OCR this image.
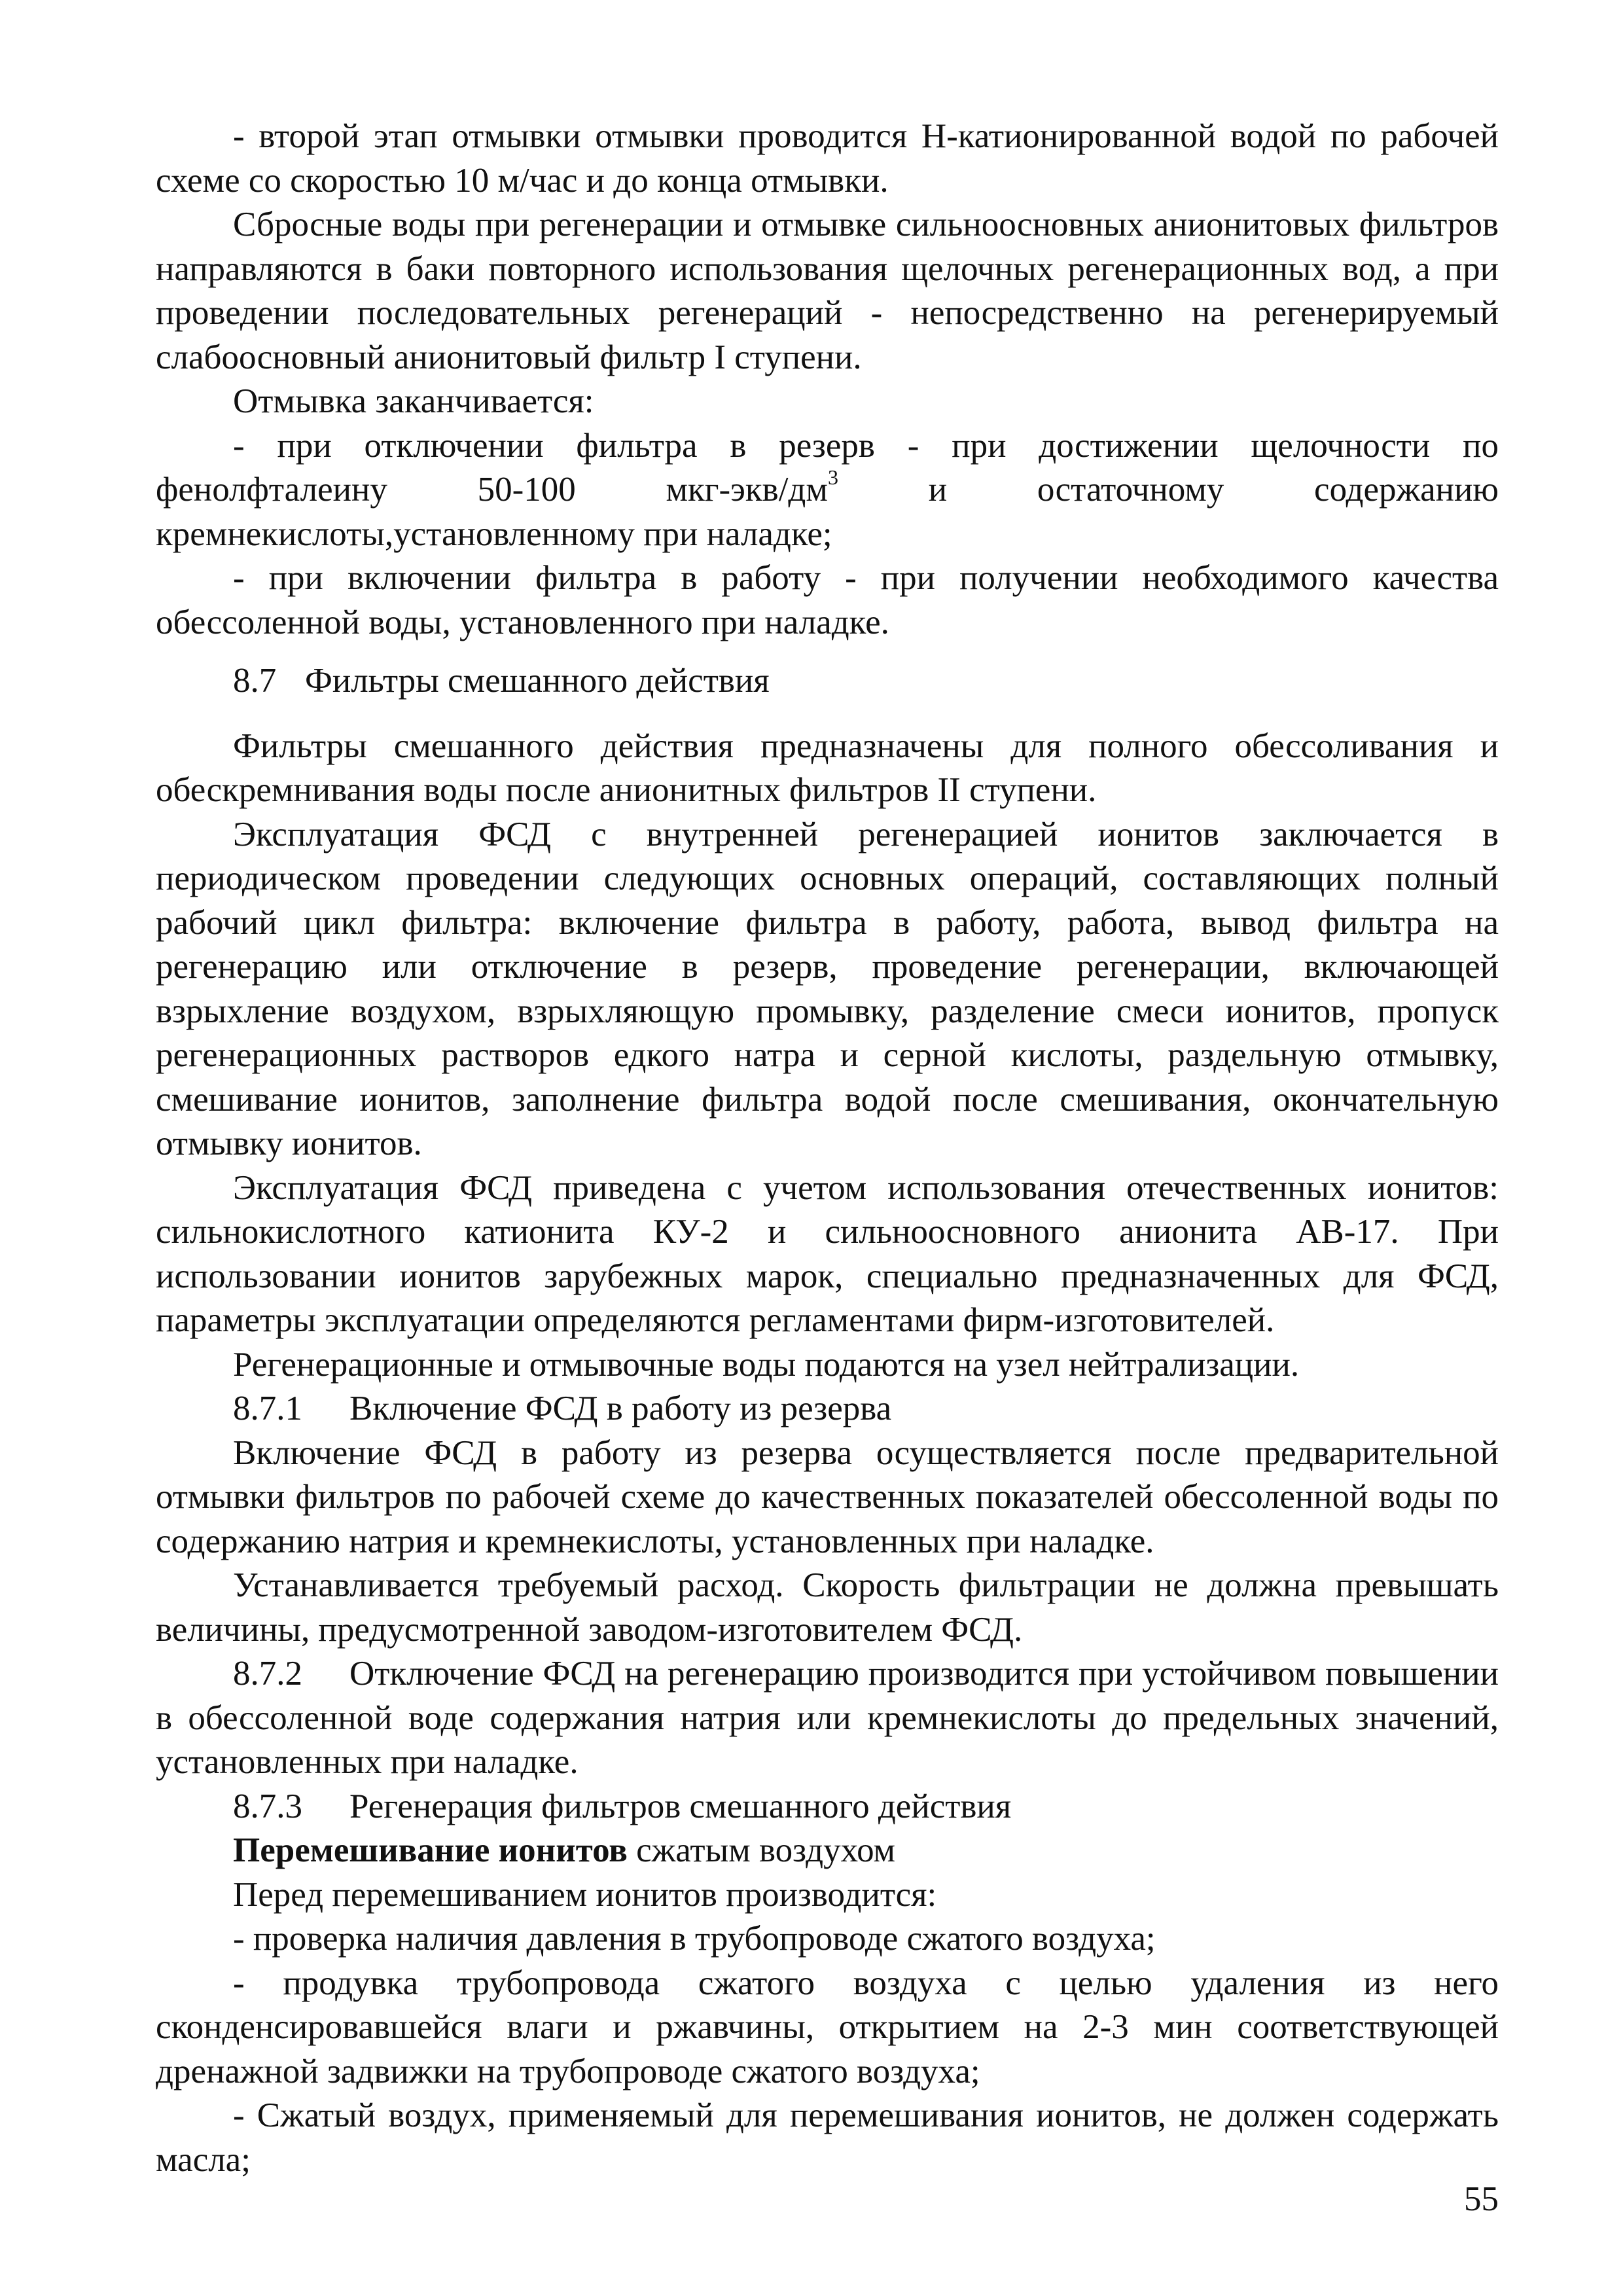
- второй этап отмывки отмывки проводится Н-катионированной водой по рабочей схеме со скоростью 10 м/час и до конца отмывки.

Сбросные воды при регенерации и отмывке сильноосновных анионитовых фильтров направляются в баки повторного использования щелочных регенерационных вод, а при проведении последовательных регенераций - непосредственно на регенерируемый слабоосновный анионитовый фильтр I ступени.

Отмывка заканчивается:

- при отключении фильтра в резерв - при достижении щелочности по фенолфталеину 50-100 мкг-$экв/дм^3$ и остаточному содержанию кремнекислоты,установленному при наладке;

- при включении фильтра в работу - при получении необходимого качества обессоленной воды, установленного при наладке.

8.7 Фильтры смешанного действия

Фильтры смешанного действия предназначены для полного обессоливания и обескремнивания воды после анионитных фильтров II ступени.

Эксплуатация ФСД с внутренней регенерацией ионитов заключается в периодическом проведении следующих основных операций, составляющих полный рабочий цикл фильтра: включение фильтра в работу, работа, вывод фильтра на регенерацию или отключение в резерв, проведение регенерации, включающей взрыхление воздухом, взрыхляющую промывку, разделение смеси ионитов, пропуск регенерационных растворов едкого натра и серной кислоты, раздельную отмывку, смешивание ионитов, заполнение фильтра водой после смешивания, окончательную отмывку ионитов.

Эксплуатация ФСД приведена с учетом использования отечественных ионитов: сильнокислотного катионита КУ-2 и сильноосновного анионита АВ-17. При использовании ионитов зарубежных марок, специально предназначенных для ФСД, параметры эксплуатации определяются регламентами фирм-изготовителей.

Регенерационные и отмывочные воды подаются на узел нейтрализации.

8.7.1 Включение ФСД в работу из резерва

Включение ФСД в работу из резерва осуществляется после предварительной отмывки фильтров по рабочей схеме до качественных показателей обессоленной воды по содержанию натрия и кремнекислоты, установленных при наладке.

Устанавливается требуемый расход. Скорость фильтрации не должна превышать величины, предусмотренной заводом-изготовителем ФСД.

8.7.2 Отключение ФСД на регенерацию производится при устойчивом повышении в обессоленной воде содержания натрия или кремнекислоты до предельных значений, установленных при наладке.

8.7.3 Регенерация фильтров смешанного действия

Перемешивание ионитов сжатым воздухом

Перед перемешиванием ионитов производится:

- проверка наличия давления в трубопроводе сжатого воздуха;

- продувка трубопровода сжатого воздуха с целью удаления из него сконденсировавшейся влаги и ржавчины, открытием на 2-3 мин соответствующей дренажной задвижки на трубопроводе сжатого воздуха;

- Сжатый воздух, применяемый для перемешивания ионитов, не должен содержать масла;

55
